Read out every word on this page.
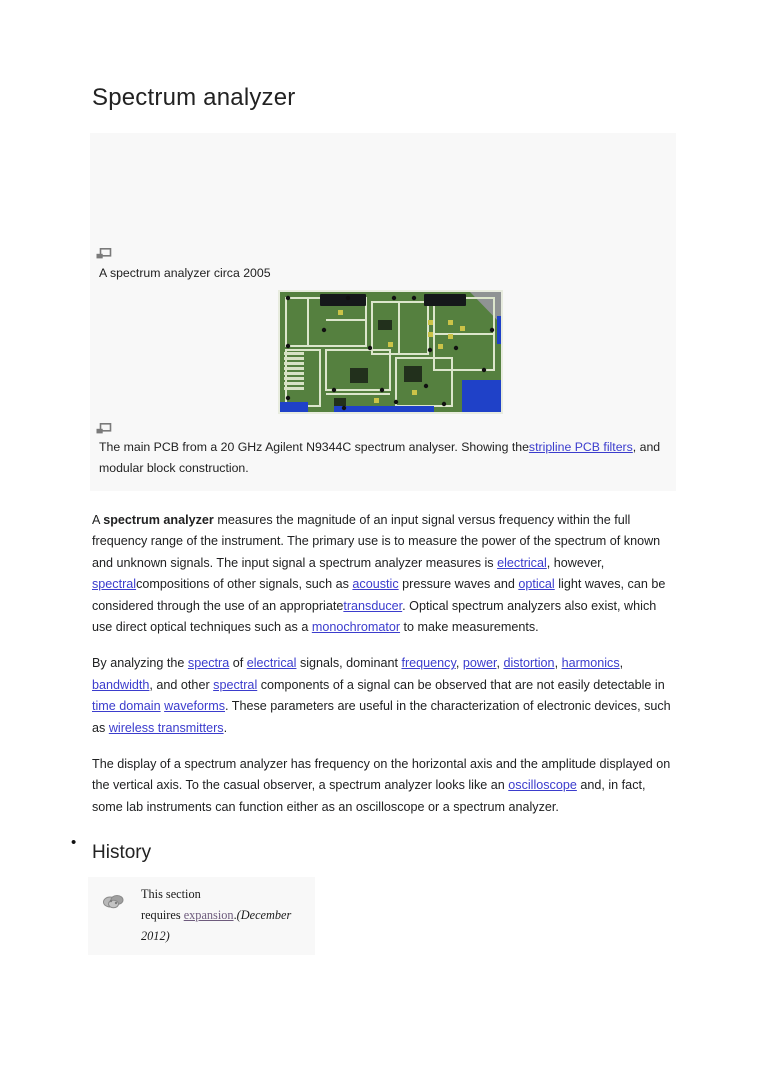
Spectrum analyzer
A spectrum analyzer circa 2005
The main PCB from a 20 GHz Agilent N9344C spectrum analyser. Showing thestripline PCB filters, and modular block construction.

A spectrum analyzer measures the magnitude of an input signal versus frequency within the full frequency range of the instrument. The primary use is to measure the power of the spectrum of known and unknown signals. The input signal a spectrum analyzer measures is electrical, however, spectralcompositions of other signals, such as acoustic pressure waves and optical light waves, can be considered through the use of an appropriatetransducer. Optical spectrum analyzers also exist, which use direct optical techniques such as a monochromator to make measurements.

By analyzing the spectra of electrical signals, dominant frequency, power, distortion, harmonics, bandwidth, and other spectral components of a signal can be observed that are not easily detectable in time domain waveforms. These parameters are useful in the characterization of electronic devices, such as wireless transmitters.

The display of a spectrum analyzer has frequency on the horizontal axis and the amplitude displayed on the vertical axis. To the casual observer, a spectrum analyzer looks like an oscilloscope and, in fact, some lab instruments can function either as an oscilloscope or a spectrum analyzer.

• History
This section
requires expansion.(December 2012)
